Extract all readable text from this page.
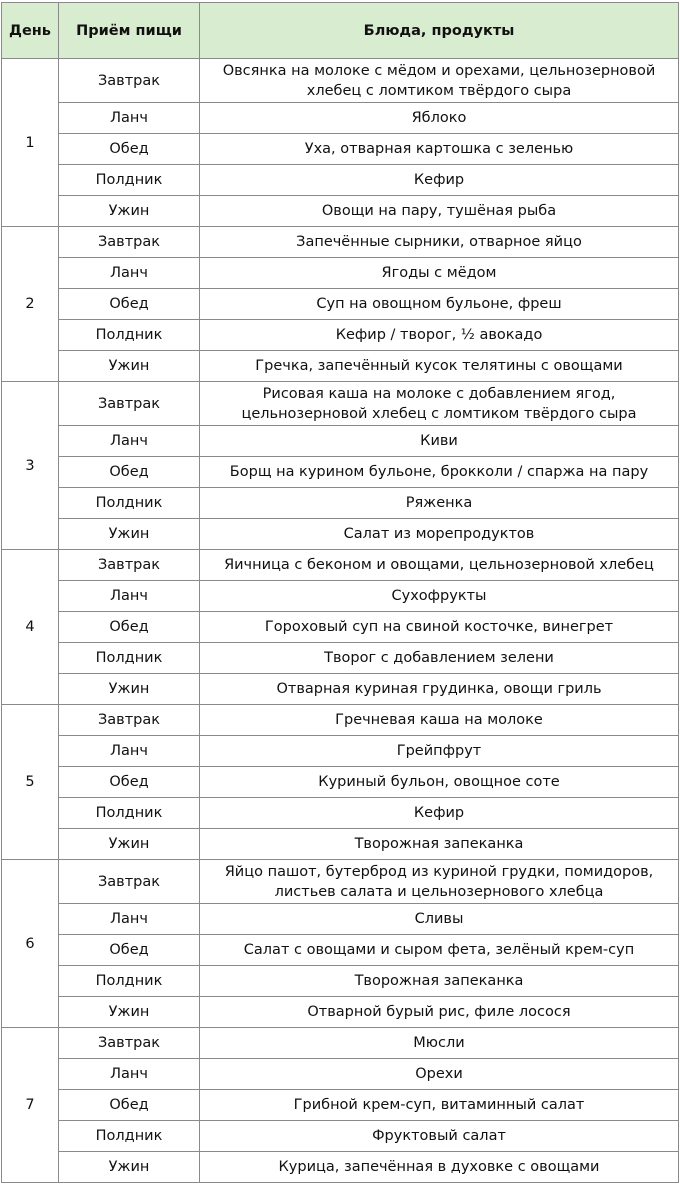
День	Приём пищи	Блюда, продукты
1	Завтрак	Овсянка на молоке с мёдом и орехами, цельнозерновой
хлебец с ломтиком твёрдого сыра

	Ланч	Яблоко

	Обед	Уха, отварная картошка с зеленью

	Полдник	Кефир

	Ужин	Овощи на пару, тушёная рыба

2	Завтрак	Запечённые сырники, отварное яйцо

	Ланч	Ягоды с мёдом

	Обед	Суп на овощном бульоне, фреш

	Полдник	Кефир / творог, ½ авокадо

	Ужин	Гречка, запечённый кусок телятины с овощами

3	Завтрак	Рисовая каша на молоке с добавлением ягод,
цельнозерновой хлебец с ломтиком твёрдого сыра

	Ланч	Киви

	Обед	Борщ на курином бульоне, брокколи / спаржа на пару

	Полдник	Ряженка

	Ужин	Салат из морепродуктов

4	Завтрак	Яичница с беконом и овощами, цельнозерновой хлебец

	Ланч	Сухофрукты

	Обед	Гороховый суп на свиной косточке, винегрет

	Полдник	Творог с добавлением зелени

	Ужин	Отварная куриная грудинка, овощи гриль

5	Завтрак	Гречневая каша на молоке

	Ланч	Грейпфрут

	Обед	Куриный бульон, овощное соте

	Полдник	Кефир

	Ужин	Творожная запеканка

6	Завтрак	Яйцо пашот, бутерброд из куриной грудки, помидоров,
листьев салата и цельнозернового хлебца

	Ланч	Сливы

	Обед	Салат с овощами и сыром фета, зелёный крем-суп

	Полдник	Творожная запеканка

	Ужин	Отварной бурый рис, филе лосося

7	Завтрак	Мюсли

	Ланч	Орехи

	Обед	Грибной крем-суп, витаминный салат

	Полдник	Фруктовый салат

	Ужин	Курица, запечённая в духовке с овощами
